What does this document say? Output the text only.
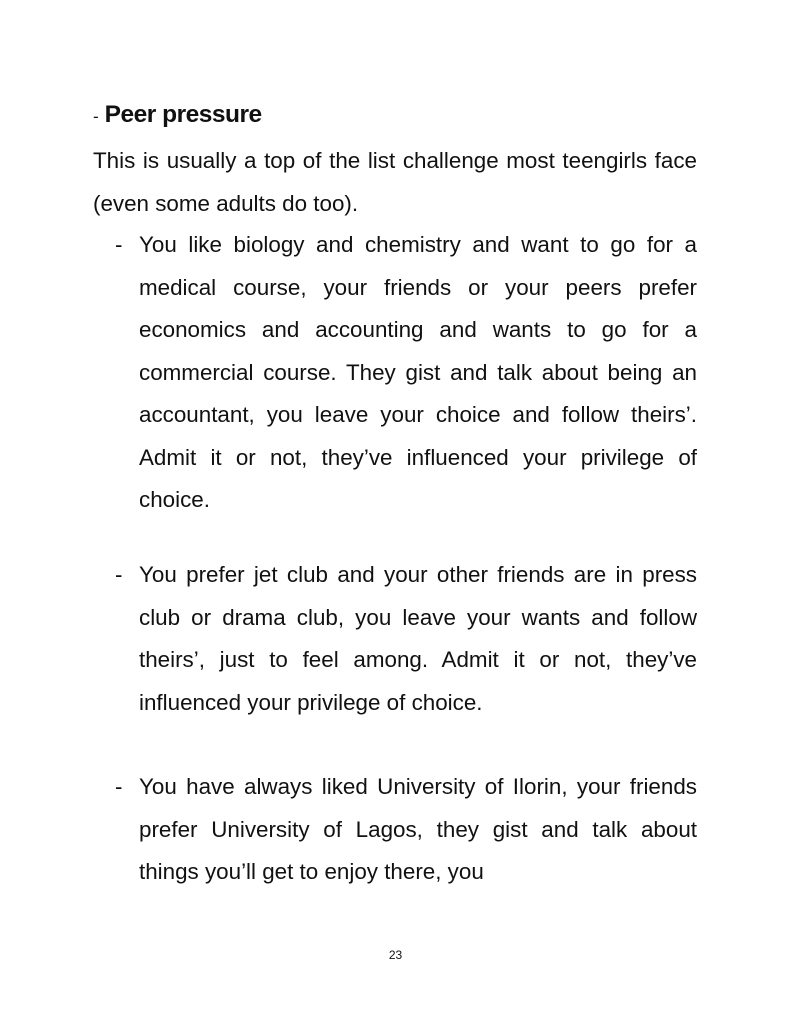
- Peer pressure

This is usually a top of the list challenge most teengirls face (even some adults do too).

- You like biology and chemistry and want to go for a medical course, your friends or your peers prefer economics and accounting and wants to go for a commercial course. They gist and talk about being an accountant, you leave your choice and follow theirs’. Admit it or not, they’ve influenced your privilege of choice.
- You prefer jet club and your other friends are in press club or drama club, you leave your wants and follow theirs’, just to feel among. Admit it or not, they’ve influenced your privilege of choice.
- You have always liked University of Ilorin, your friends prefer University of Lagos, they gist and talk about things you’ll get to enjoy there, you
23
